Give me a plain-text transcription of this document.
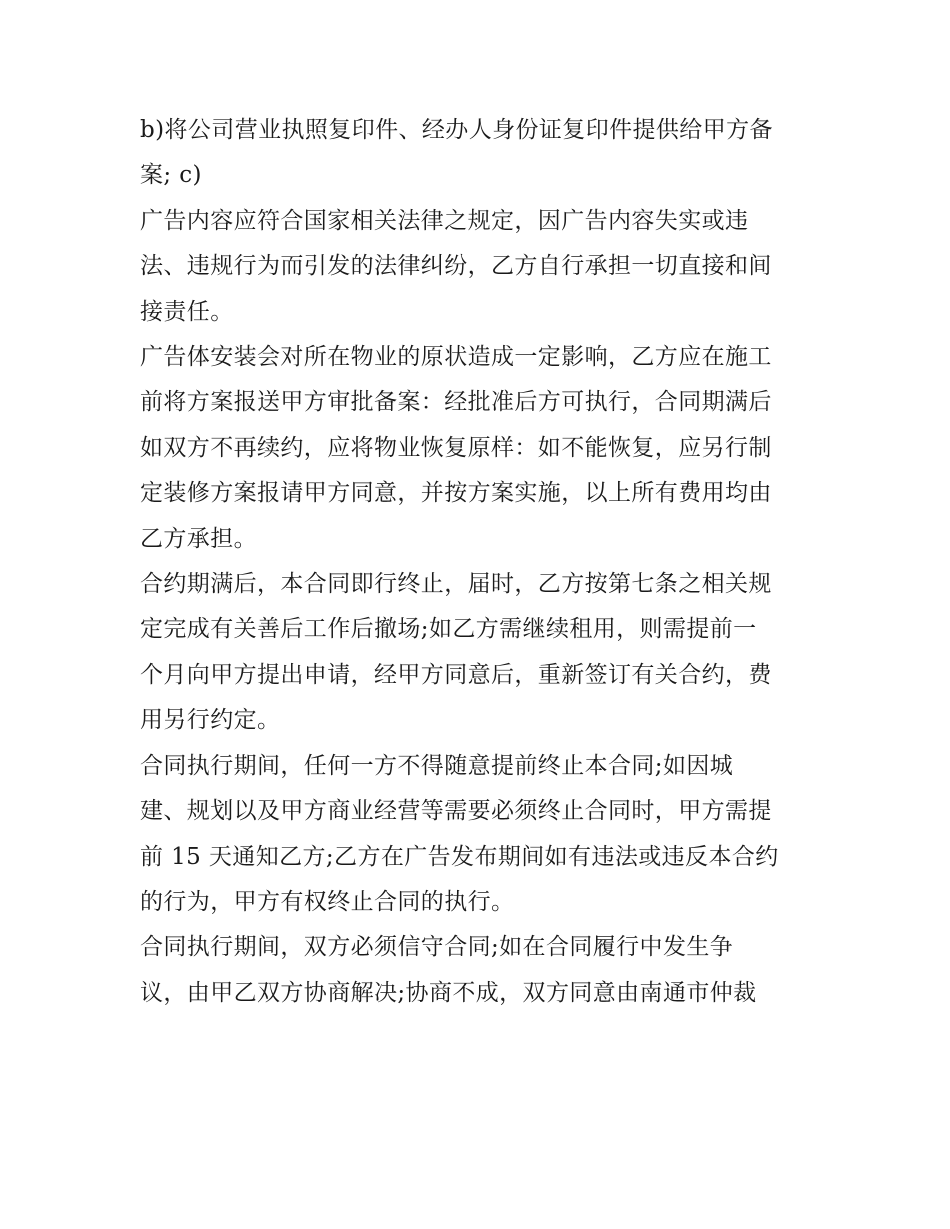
b)将公司营业执照复印件、经办人身份证复印件提供给甲方备
案; c)

广告内容应符合国家相关法律之规定，因广告内容失实或违
法、违规行为而引发的法律纠纷，乙方自行承担一切直接和间
接责任。

广告体安装会对所在物业的原状造成一定影响，乙方应在施工
前将方案报送甲方审批备案：经批准后方可执行，合同期满后
如双方不再续约，应将物业恢复原样：如不能恢复，应另行制
定装修方案报请甲方同意，并按方案实施，以上所有费用均由
乙方承担。

合约期满后，本合同即行终止，届时，乙方按第七条之相关规
定完成有关善后工作后撤场;如乙方需继续租用，则需提前一
个月向甲方提出申请，经甲方同意后，重新签订有关合约，费
用另行约定。

合同执行期间，任何一方不得随意提前终止本合同;如因城
建、规划以及甲方商业经营等需要必须终止合同时，甲方需提
前 15 天通知乙方;乙方在广告发布期间如有违法或违反本合约
的行为，甲方有权终止合同的执行。

合同执行期间，双方必须信守合同;如在合同履行中发生争
议，由甲乙双方协商解决;协商不成，双方同意由南通市仲裁
